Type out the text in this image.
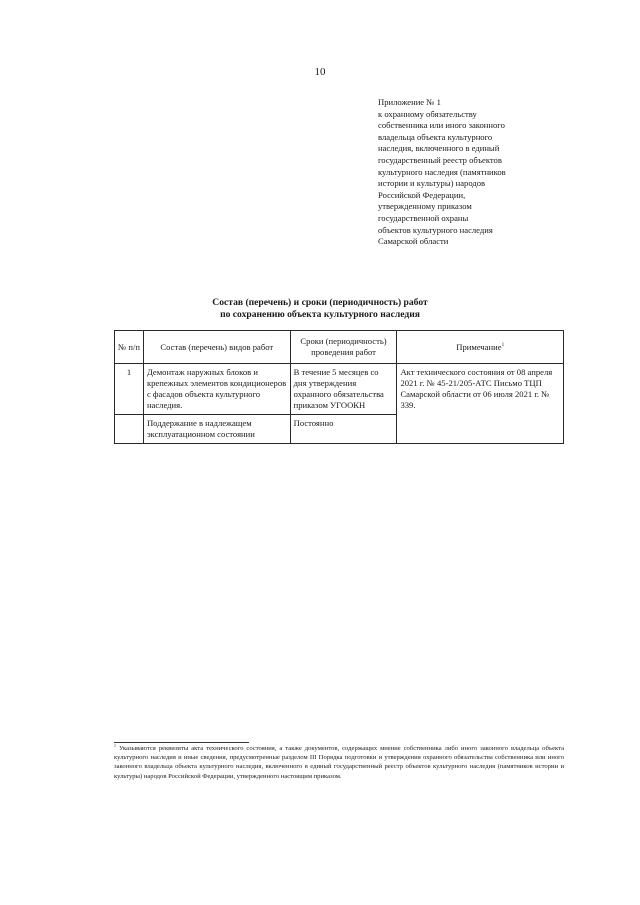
10
Приложение № 1
к охранному обязательству
собственника или иного законного
владельца объекта культурного
наследия, включенного в единый
государственный реестр объектов
культурного наследия (памятников
истории и культуры) народов
Российской Федерации,
утвержденному приказом
государственной охраны
объектов культурного наследия
Самарской области
Состав (перечень) и сроки (периодичность) работ
по сохранению объекта культурного наследия
№ п/п	Состав (перечень) видов работ	Сроки (периодичность) проведения работ	Примечание$^1$
1	Демонтаж наружных блоков и крепежных элементов кондиционеров с фасадов объекта культурного наследия.	В течение 5 месяцев со дня утверждения охранного обязательства приказом УГООКН	Акт технического состояния от 08 апреля 2021 г. № 45-21/205-АТС Письмо ТЦП Самарской области от 06 июля 2021 г. № 339.
	Поддержание в надлежащем эксплуатационном состоянии	Постоянно	
$^1$ Указываются реквизиты акта технического состояния, а также документов, содержащих мнение собственника либо иного законного владельца объекта культурного наследия и иные сведения, предусмотренные разделом III Порядка подготовки и утверждения охранного обязательства собственника или иного законного владельца объекта культурного наследия, включенного в единый государственный реестр объектов культурного наследия (памятников истории и культуры) народов Российской Федерации, утвержденного настоящим приказом.
